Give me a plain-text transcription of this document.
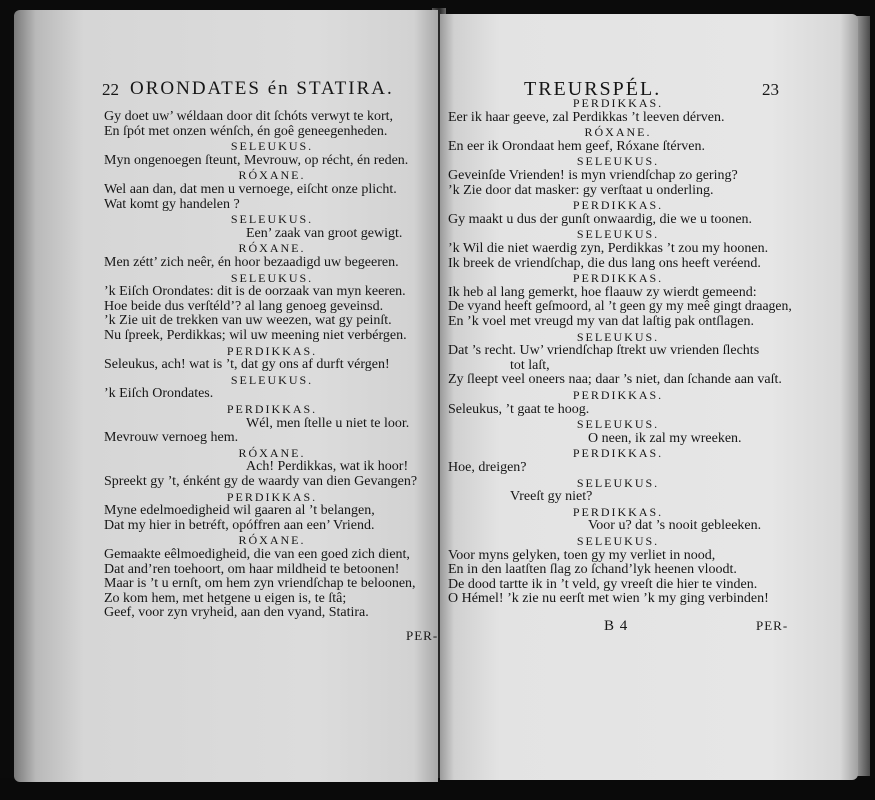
22 ORONDATES én STATIRA.
Gy doet uw’ wéldaan door dit ſchóts verwyt te kort,
En ſpót met onzen wénſch, én goê geneegenheden.
SELEUKUS.
Myn ongenoegen ſteunt, Mevrouw, op récht, én reden.
RÓXANE.
Wel aan dan, dat men u vernoege, eiſcht onze plicht.
Wat komt gy handelen ?
SELEUKUS.
Een’ zaak van groot gewigt.
RÓXANE.
Men zétt’ zich neêr, én hoor bezaadigd uw begeeren.
SELEUKUS.
’k Eiſch Orondates: dit is de oorzaak van myn keeren.
Hoe beide dus verſtéld’? al lang genoeg geveinsd.
’k Zie uit de trekken van uw weezen, wat gy peinſt.
Nu ſpreek, Perdikkas; wil uw meening niet verbérgen.
PERDIKKAS.
Seleukus, ach! wat is ’t, dat gy ons af durft vérgen!
SELEUKUS.
’k Eiſch Orondates.
PERDIKKAS.
Wél, men ſtelle u niet te loor.
Mevrouw vernoeg hem.
RÓXANE.
Ach! Perdikkas, wat ik hoor!
Spreekt gy ’t, énként gy de waardy van dien Gevangen?
PERDIKKAS.
Myne edelmoedigheid wil gaaren al ’t belangen,
Dat my hier in betréft, opóffren aan een’ Vriend.
RÓXANE.
Gemaakte eêlmoedigheid, die van een goed zich dient,
Dat and’ren toehoort, om haar mildheid te betoonen!
Maar is ’t u ernſt, om hem zyn vriendſchap te beloonen,
Zo kom hem, met hetgene u eigen is, te ſtâ;
Geef, voor zyn vryheid, aan den vyand, Statira.
PER-
TREURSPÉL.	23
PERDIKKAS.
Eer ik haar geeve, zal Perdikkas ’t leeven dérven.
RÓXANE.
En eer ik Orondaat hem geef, Róxane ſtérven.
SELEUKUS.
Geveinſde Vrienden! is myn vriendſchap zo gering?
’k Zie door dat masker: gy verſtaat u onderling.
PERDIKKAS.
Gy maakt u dus der gunſt onwaardig, die we u toonen.
SELEUKUS.
’k Wil die niet waerdig zyn, Perdikkas ’t zou my hoonen.
Ik breek de vriendſchap, die dus lang ons heeft veréend.
PERDIKKAS.
Ik heb al lang gemerkt, hoe flaauw zy wierdt gemeend:
De vyand heeft geſmoord, al ’t geen gy my meê gingt draagen,
En ’k voel met vreugd my van dat laſtig pak ontſlagen.
SELEUKUS.
Dat ’s recht. Uw’ vriendſchap ſtrekt uw vrienden ſlechts
tot laſt,
Zy ſleept veel oneers naa; daar ’s niet, dan ſchande aan vaſt.
PERDIKKAS.
Seleukus, ’t gaat te hoog.
SELEUKUS.
O neen, ik zal my wreeken.
PERDIKKAS.
Hoe, dreigen?
SELEUKUS.
Vreeſt gy niet?
PERDIKKAS.
Voor u? dat ’s nooit gebleeken.
SELEUKUS.
Voor myns gelyken, toen gy my verliet in nood,
En in den laatſten ſlag zo ſchand’lyk heenen vloodt.
De dood tartte ik in ’t veld, gy vreeſt die hier te vinden.
O Hémel! ’k zie nu eerſt met wien ’k my ging verbinden!
B 4	PER-
